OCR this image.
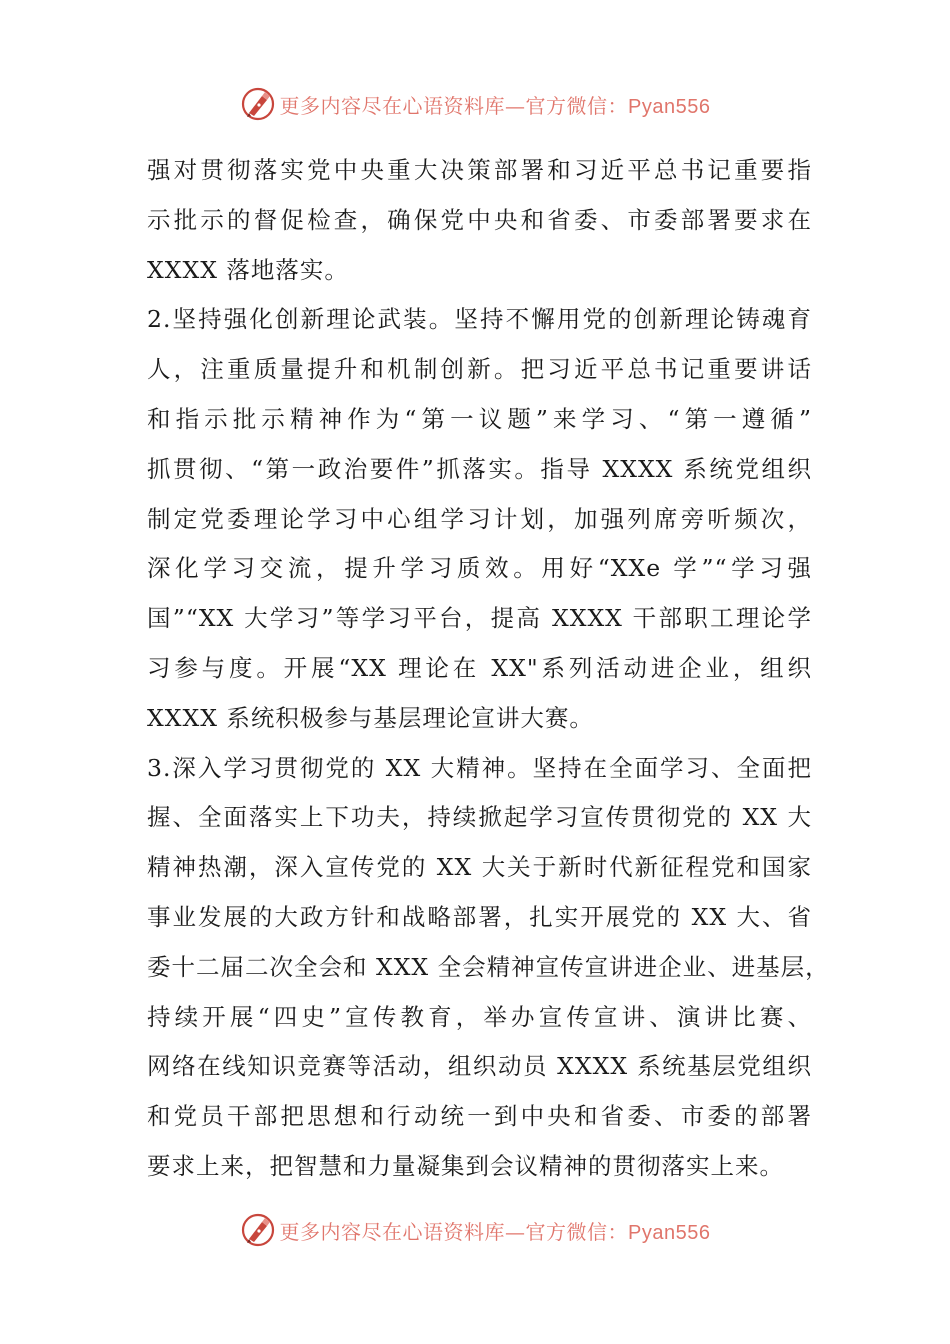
更多内容尽在心语资料库—官方微信：Pyan556
强对贯彻落实党中央重大决策部署和习近平总书记重要指
示批示的督促检查，确保党中央和省委、市委部署要求在
XXXX 落地落实。
2.坚持强化创新理论武装。坚持不懈用党的创新理论铸魂育
人，注重质量提升和机制创新。把习近平总书记重要讲话
和指示批示精神作为“第一议题”来学习、“第一遵循”
抓贯彻、“第一政治要件”抓落实。指导 XXXX 系统党组织
制定党委理论学习中心组学习计划，加强列席旁听频次，
深化学习交流，提升学习质效。用好“XXe 学”“学习强
国”“XX 大学习”等学习平台，提高 XXXX 干部职工理论学
习参与度。开展“XX 理论在 XX"系列活动进企业，组织
XXXX 系统积极参与基层理论宣讲大赛。
3.深入学习贯彻党的 XX 大精神。坚持在全面学习、全面把
握、全面落实上下功夫，持续掀起学习宣传贯彻党的 XX 大
精神热潮，深入宣传党的 XX 大关于新时代新征程党和国家
事业发展的大政方针和战略部署，扎实开展党的 XX 大、省
委十二届二次全会和 XXX 全会精神宣传宣讲进企业、进基层，
持续开展“四史”宣传教育，举办宣传宣讲、演讲比赛、
网络在线知识竞赛等活动，组织动员 XXXX 系统基层党组织
和党员干部把思想和行动统一到中央和省委、市委的部署
要求上来，把智慧和力量凝集到会议精神的贯彻落实上来。
更多内容尽在心语资料库—官方微信：Pyan556
